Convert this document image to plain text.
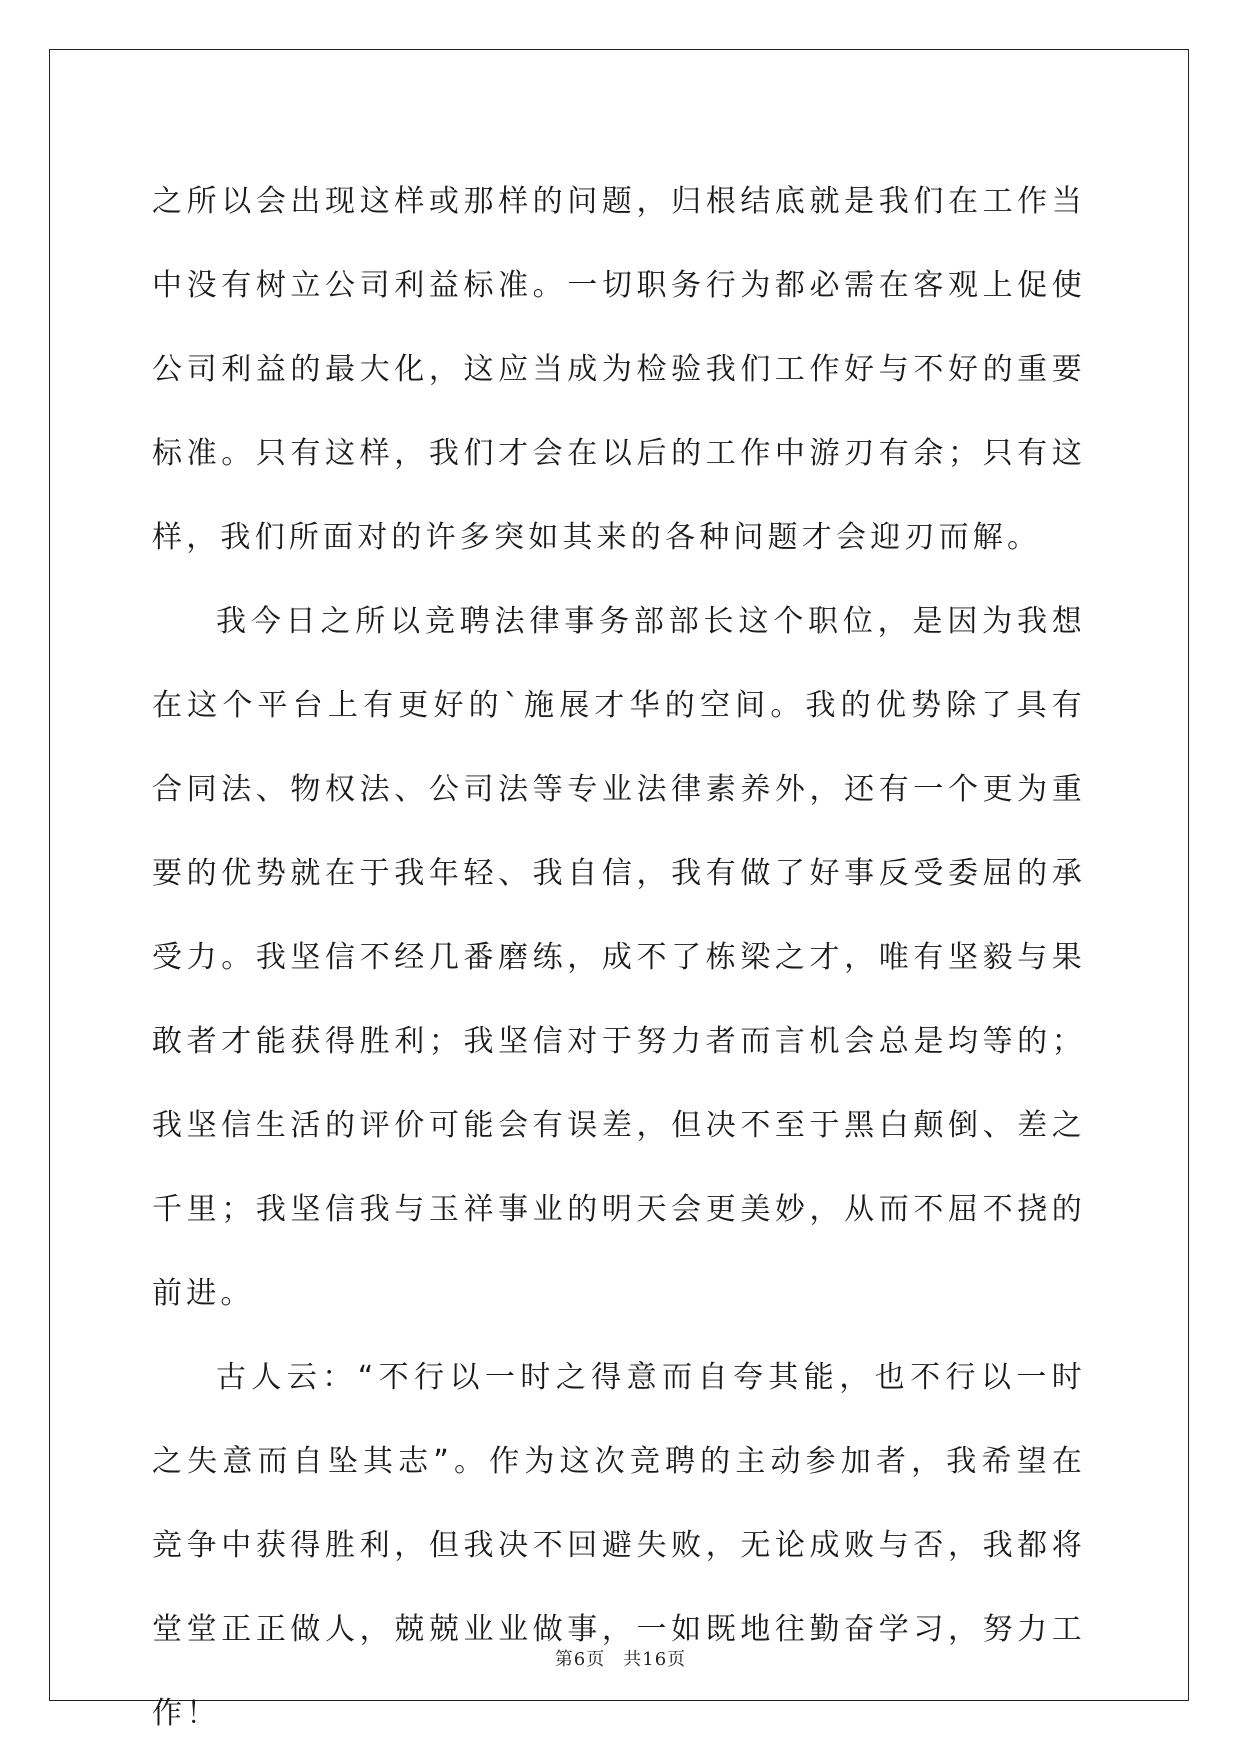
之所以会出现这样或那样的问题，归根结底就是我们在工作当中没有树立公司利益标准。一切职务行为都必需在客观上促使公司利益的最大化，这应当成为检验我们工作好与不好的重要标准。只有这样，我们才会在以后的工作中游刃有余；只有这样，我们所面对的许多突如其来的各种问题才会迎刃而解。

我今日之所以竞聘法律事务部部长这个职位，是因为我想在这个平台上有更好的`施展才华的空间。我的优势除了具有合同法、物权法、公司法等专业法律素养外，还有一个更为重要的优势就在于我年轻、我自信，我有做了好事反受委屈的承受力。我坚信不经几番磨练，成不了栋梁之才，唯有坚毅与果敢者才能获得胜利；我坚信对于努力者而言机会总是均等的；我坚信生活的评价可能会有误差，但决不至于黑白颠倒、差之千里；我坚信我与玉祥事业的明天会更美妙，从而不屈不挠的前进。

古人云：“不行以一时之得意而自夸其能，也不行以一时之失意而自坠其志”。作为这次竞聘的主动参加者，我希望在竞争中获得胜利，但我决不回避失败，无论成败与否，我都将堂堂正正做人，兢兢业业做事，一如既地往勤奋学习，努力工作！

第6页 共16页
